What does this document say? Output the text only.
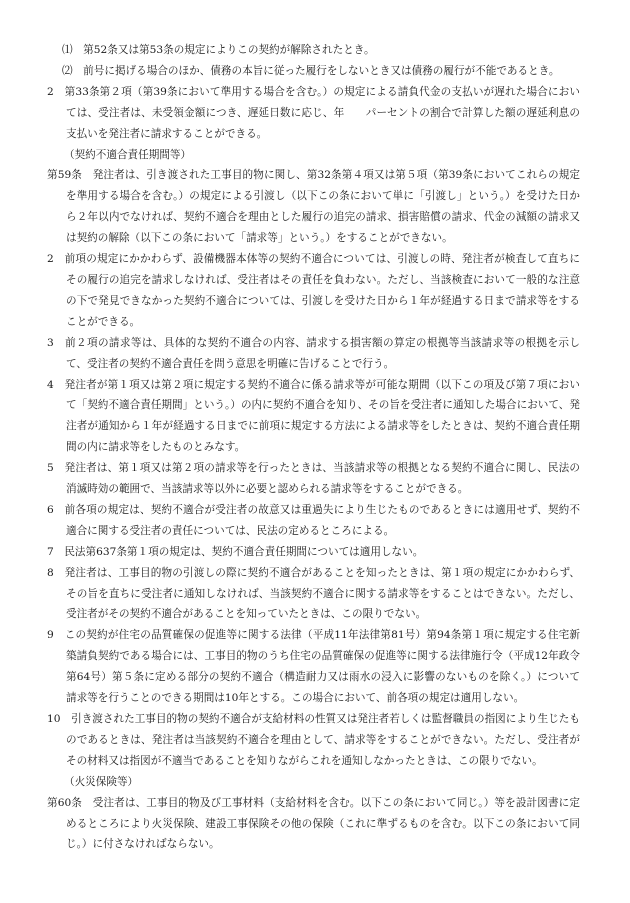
⑴　第52条又は第53条の規定によりこの契約が解除されたとき。

⑵　前号に掲げる場合のほか、債務の本旨に従った履行をしないとき又は債務の履行が不能であるとき。

2　第33条第２項（第39条において準用する場合を含む。）の規定による請負代金の支払いが遅れた場合においては、受注者は、未受領金額につき、遅延日数に応じ、年　　パーセントの割合で計算した額の遅延利息の支払いを発注者に請求することができる。

（契約不適合責任期間等）

第59条　発注者は、引き渡された工事目的物に関し、第32条第４項又は第５項（第39条においてこれらの規定を準用する場合を含む。）の規定による引渡し（以下この条において単に「引渡し」という。）を受けた日から２年以内でなければ、契約不適合を理由とした履行の追完の請求、損害賠償の請求、代金の減額の請求又は契約の解除（以下この条において「請求等」という。）をすることができない。

2　前項の規定にかかわらず、設備機器本体等の契約不適合については、引渡しの時、発注者が検査して直ちにその履行の追完を請求しなければ、受注者はその責任を負わない。ただし、当該検査において一般的な注意の下で発見できなかった契約不適合については、引渡しを受けた日から１年が経過する日まで請求等をすることができる。

3　前２項の請求等は、具体的な契約不適合の内容、請求する損害額の算定の根拠等当該請求等の根拠を示して、受注者の契約不適合責任を問う意思を明確に告げることで行う。

4　発注者が第１項又は第２項に規定する契約不適合に係る請求等が可能な期間（以下この項及び第７項において「契約不適合責任期間」という。）の内に契約不適合を知り、その旨を受注者に通知した場合において、発注者が通知から１年が経過する日までに前項に規定する方法による請求等をしたときは、契約不適合責任期間の内に請求等をしたものとみなす。

5　発注者は、第１項又は第２項の請求等を行ったときは、当該請求等の根拠となる契約不適合に関し、民法の消滅時効の範囲で、当該請求等以外に必要と認められる請求等をすることができる。

6　前各項の規定は、契約不適合が受注者の故意又は重過失により生じたものであるときには適用せず、契約不適合に関する受注者の責任については、民法の定めるところによる。

7　民法第637条第１項の規定は、契約不適合責任期間については適用しない。

8　発注者は、工事目的物の引渡しの際に契約不適合があることを知ったときは、第１項の規定にかかわらず、その旨を直ちに受注者に通知しなければ、当該契約不適合に関する請求等をすることはできない。ただし、受注者がその契約不適合があることを知っていたときは、この限りでない。

9　この契約が住宅の品質確保の促進等に関する法律（平成11年法律第81号）第94条第１項に規定する住宅新築請負契約である場合には、工事目的物のうち住宅の品質確保の促進等に関する法律施行令（平成12年政令第64号）第５条に定める部分の契約不適合（構造耐力又は雨水の浸入に影響のないものを除く。）について請求等を行うことのできる期間は10年とする。この場合において、前各項の規定は適用しない。

10　引き渡された工事目的物の契約不適合が支給材料の性質又は発注者若しくは監督職員の指図により生じたものであるときは、発注者は当該契約不適合を理由として、請求等をすることができない。ただし、受注者がその材料又は指図が不適当であることを知りながらこれを通知しなかったときは、この限りでない。

（火災保険等）

第60条　受注者は、工事目的物及び工事材料（支給材料を含む。以下この条において同じ。）等を設計図書に定めるところにより火災保険、建設工事保険その他の保険（これに準ずるものを含む。以下この条において同じ。）に付さなければならない。
